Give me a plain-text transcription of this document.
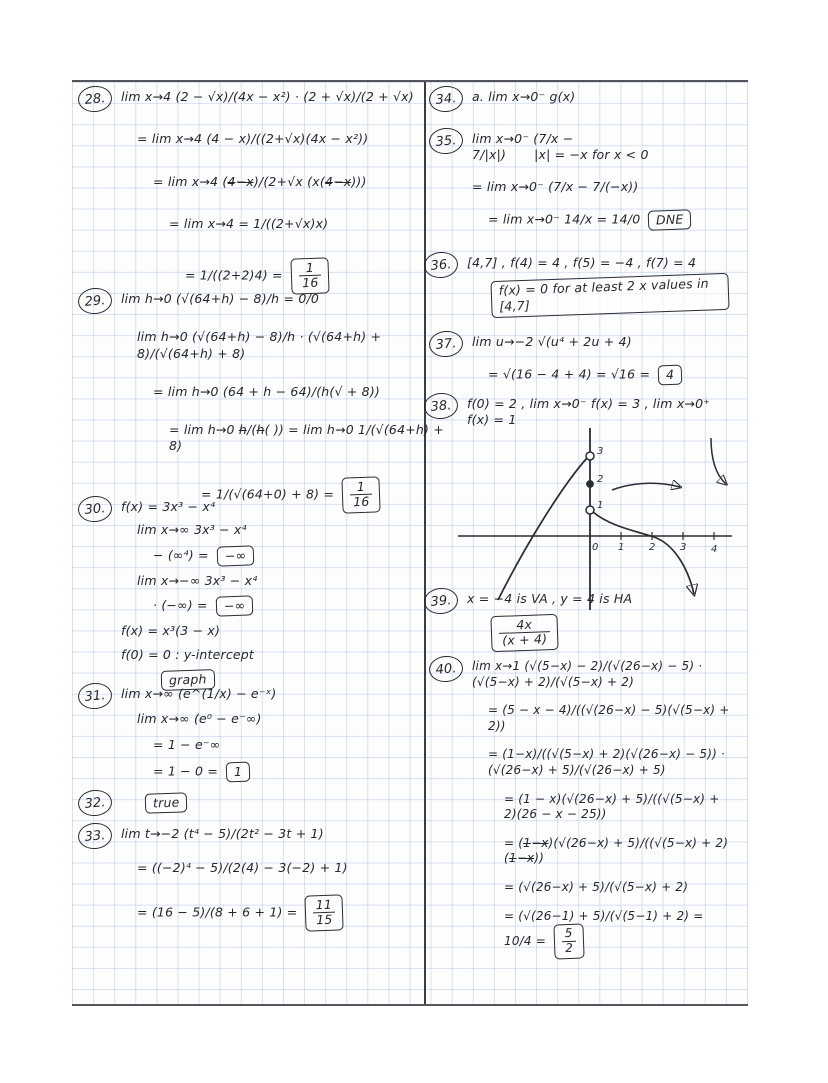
0 1 2 3 4
3
2
1
28.	lim x→4 (2 − √x)/(4x − x²) · (2 + √x)/(2 + √x)
= lim x→4 (4 − x)/((2+√x)(4x − x²))
= lim x→4 (4̶−̶x̶)/(2+√x (x(4̶−̶x̶)))
= lim x→4 = 1/((2+√x)x)
= $1/((2+2)4) = \frac{1}{16}$
29.	lim h→0 (√(64+h) − 8)/h = 0/0
lim h→0 (√(64+h) − 8)/h · (√(64+h) + 8)/(√(64+h) + 8)
= lim h→0 (64 + h − 64)/(h(√ + 8))
= lim h→0 h̶/(h̶( )) = lim h→0 1/(√(64+h) + 8)
= $1/(√(64+0) + 8) = \frac{1}{16}$
30.	f(x) = 3x³ − x⁴
lim x→∞ 3x³ − x⁴
− (∞⁴) = −∞
lim x→−∞ 3x³ − x⁴
· (−∞) = −∞
f(x) = x³(3 − x)
f(0) = 0 : y-intercept
graph
31.	lim x→∞ (e^(1/x) − e⁻ˣ)
lim x→∞ (e⁰ − e⁻∞)
= 1 − e⁻∞
= 1 − 0 = 1
32.	true
33.	lim t→−2 (t⁴ − 5)/(2t² − 3t + 1)
= ((−2)⁴ − 5)/(2(4) − 3(−2) + 1)
= $(16 - 5)/(8 + 6 + 1) = \frac{11}{15}$
34.	a. lim x→0⁻ g(x)
35.	lim x→0⁻ (7/x − 7/|x|) |x| = −x for x < 0
= lim x→0⁻ (7/x − 7/(−x))
= lim x→0⁻ 14/x = 14/0 DNE
36.	[4,7] , f(4) = 4 , f(5) = −4 , f(7) = 4
f(x) = 0 for at least 2 x values in [4,7]
37.	lim u→−2 √(u⁴ + 2u + 4)
= √(16 − 4 + 4) = √16 = 4
38.	f(0) = 2 , lim x→0⁻ f(x) = 3 , lim x→0⁺ f(x) = 1
39.	x = −4 is VA , y = 4 is HA
$\frac{4x}{(x + 4)}$
40.	lim x→1 (√(5−x) − 2)/(√(26−x) − 5) · (√(5−x) + 2)/(√(5−x) + 2)
= (5 − x − 4)/((√(26−x) − 5)(√(5−x) + 2))
= (1−x)/((√(5−x) + 2)(√(26−x) − 5)) · (√(26−x) + 5)/(√(26−x) + 5)
= (1 − x)(√(26−x) + 5)/((√(5−x) + 2)(26 − x − 25))
= (1̶−̶x̶)(√(26−x) + 5)/((√(5−x) + 2)(1̶−̶x̶))
= (√(26−x) + 5)/(√(5−x) + 2)
= $(√(26-1) + 5)/(√(5-1) + 2) = 10/4 = \frac{5}{2}$
